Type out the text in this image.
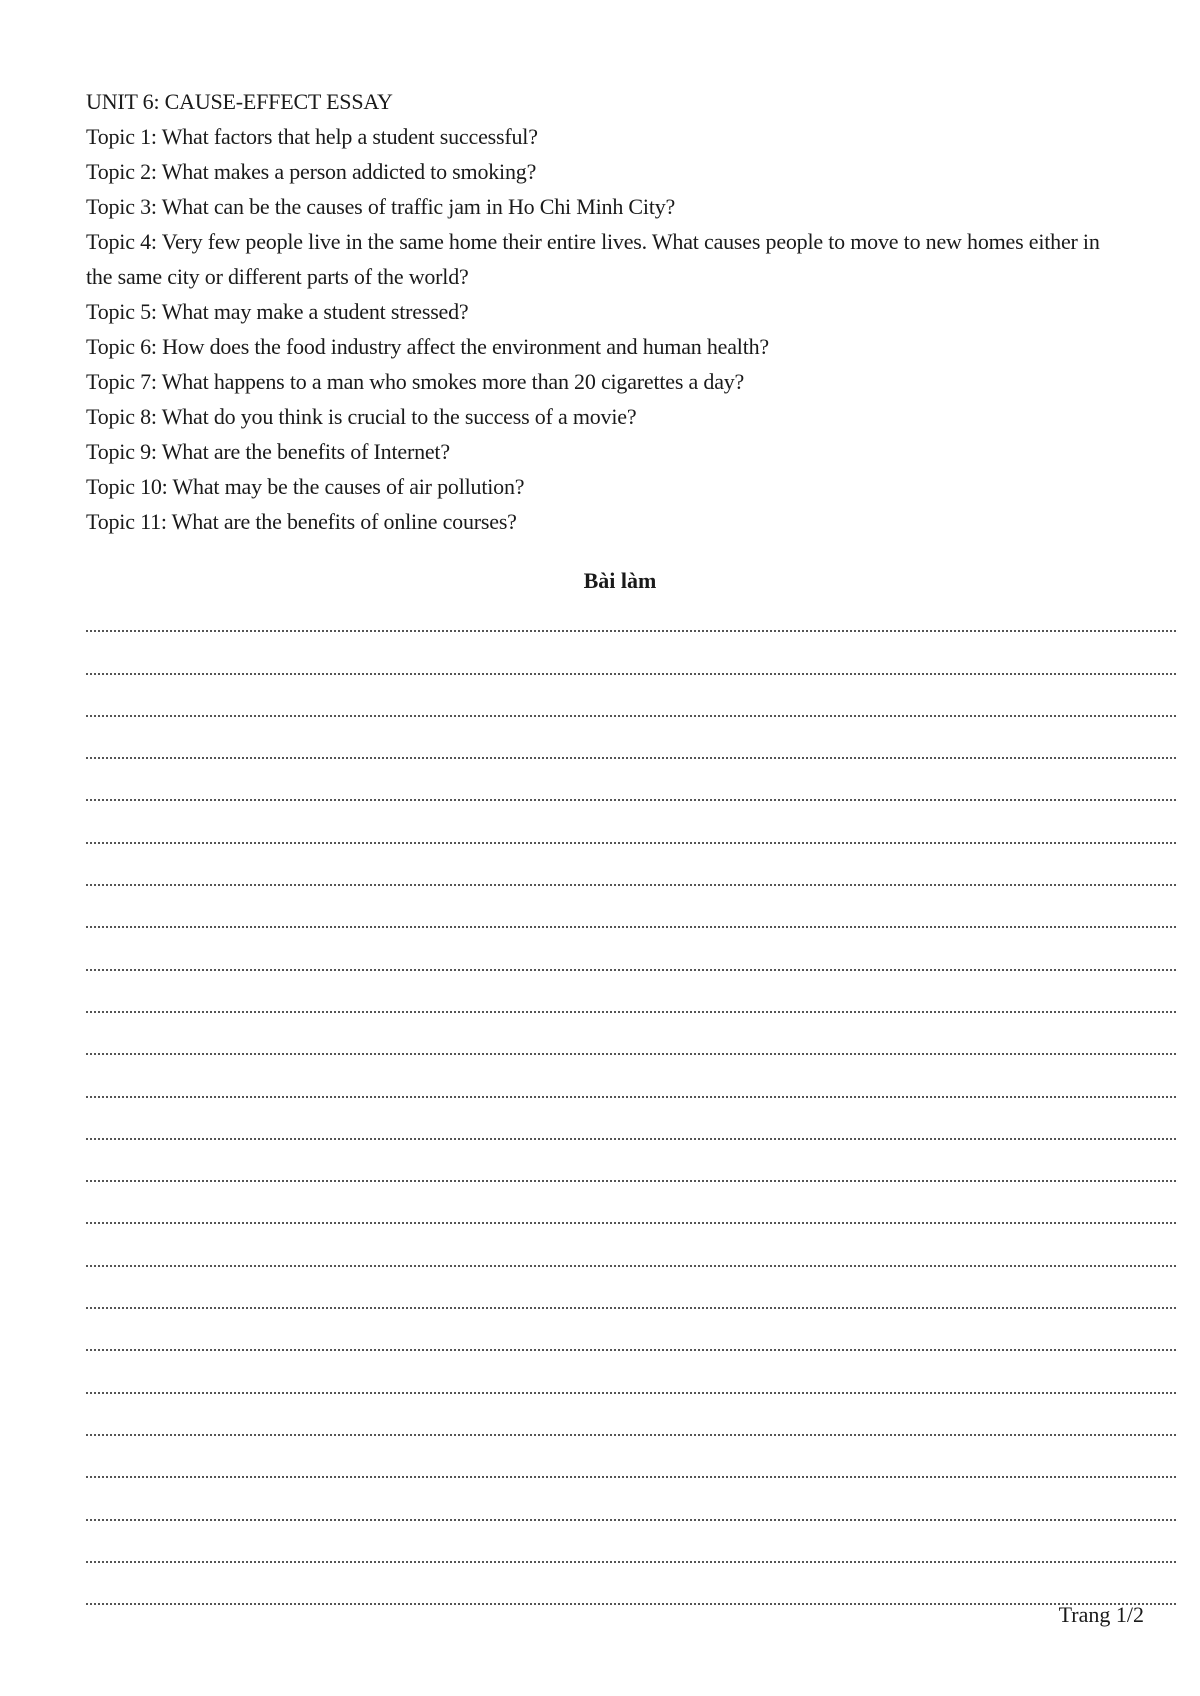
UNIT 6: CAUSE-EFFECT ESSAY
Topic 1: What factors that help a student successful?
Topic 2: What makes a person addicted to smoking?
Topic 3: What can be the causes of traffic jam in Ho Chi Minh City?
Topic 4: Very few people live in the same home their entire lives. What causes people to move to new homes either in the same city or different parts of the world?
Topic 5: What may make a student stressed?
Topic 6: How does the food industry affect the environment and human health?
Topic 7: What happens to a man who smokes more than 20 cigarettes a day?
Topic 8: What do you think is crucial to the success of a movie?
Topic 9: What are the benefits of Internet?
Topic 10: What may be the causes of air pollution?
Topic 11: What are the benefits of online courses?
Bài làm
Trang 1/2
